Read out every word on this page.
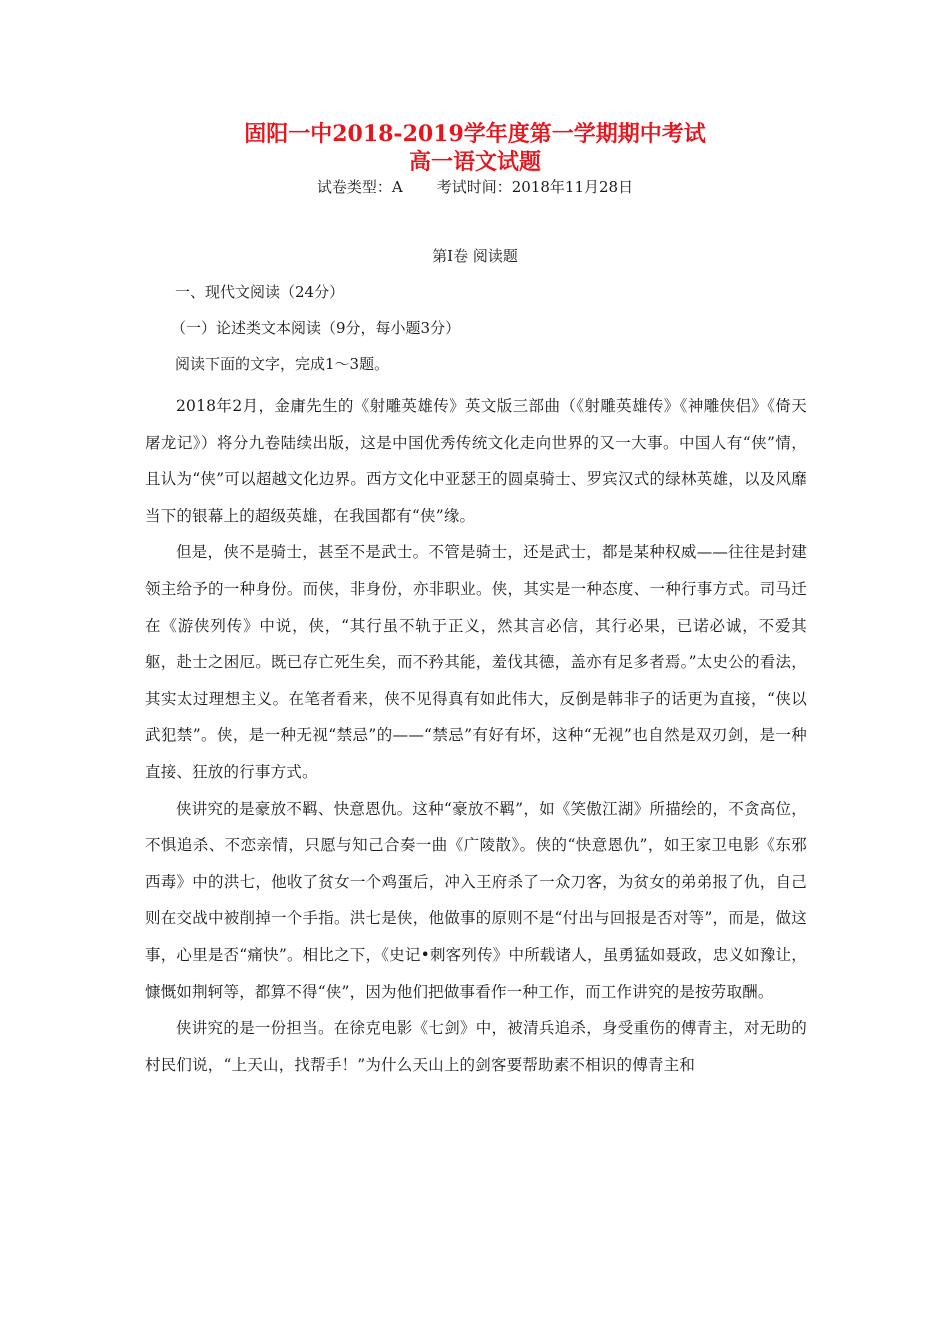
固阳一中2018-2019学年度第一学期期中考试
高一语文试题
试卷类型：A 考试时间：2018年11月28日
第Ⅰ卷 阅读题
一、现代文阅读（24分）
（一）论述类文本阅读（9分，每小题3分）
阅读下面的文字，完成1～3题。

2018年2月，金庸先生的《射雕英雄传》英文版三部曲（《射雕英雄传》《神雕侠侣》《倚天屠龙记》）将分九卷陆续出版，这是中国优秀传统文化走向世界的又一大事。中国人有“侠”情，且认为“侠”可以超越文化边界。西方文化中亚瑟王的圆桌骑士、罗宾汉式的绿林英雄，以及风靡当下的银幕上的超级英雄，在我国都有“侠”缘。

但是，侠不是骑士，甚至不是武士。不管是骑士，还是武士，都是某种权威——往往是封建领主给予的一种身份。而侠，非身份，亦非职业。侠，其实是一种态度、一种行事方式。司马迁在《游侠列传》中说，侠，“其行虽不轨于正义，然其言必信，其行必果，已诺必诚，不爱其躯，赴士之困厄。既已存亡死生矣，而不矜其能，羞伐其德，盖亦有足多者焉。”太史公的看法，其实太过理想主义。在笔者看来，侠不见得真有如此伟大，反倒是韩非子的话更为直接，“侠以武犯禁”。侠，是一种无视“禁忌”的——“禁忌”有好有坏，这种“无视”也自然是双刃剑，是一种直接、狂放的行事方式。

侠讲究的是豪放不羁、快意恩仇。这种“豪放不羁”，如《笑傲江湖》所描绘的，不贪高位，不惧追杀、不恋亲情，只愿与知己合奏一曲《广陵散》。侠的“快意恩仇”，如王家卫电影《东邪西毒》中的洪七，他收了贫女一个鸡蛋后，冲入王府杀了一众刀客，为贫女的弟弟报了仇，自己则在交战中被削掉一个手指。洪七是侠，他做事的原则不是“付出与回报是否对等”，而是，做这事，心里是否“痛快”。相比之下，《史记•刺客列传》中所载诸人，虽勇猛如聂政，忠义如豫让，慷慨如荆轲等，都算不得“侠”，因为他们把做事看作一种工作，而工作讲究的是按劳取酬。

侠讲究的是一份担当。在徐克电影《七剑》中，被清兵追杀，身受重伤的傅青主，对无助的村民们说，“上天山，找帮手！”为什么天山上的剑客要帮助素不相识的傅青主和
